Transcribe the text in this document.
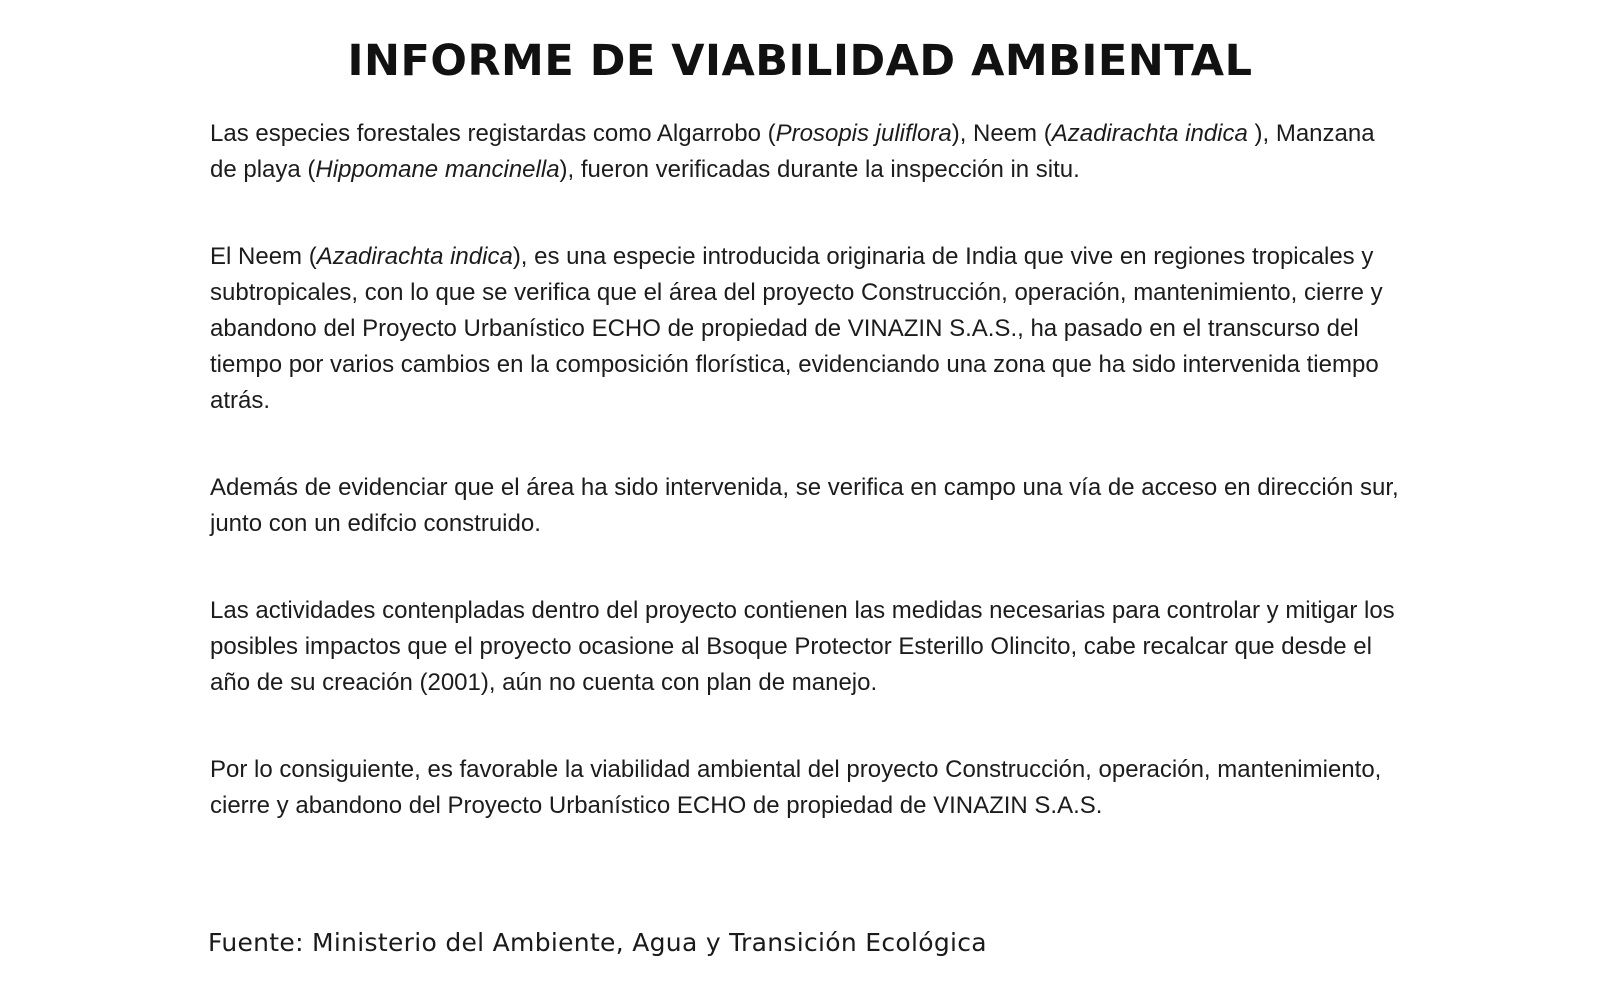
INFORME DE VIABILIDAD AMBIENTAL

Las especies forestales registardas como Algarrobo (Prosopis juliflora), Neem (Azadirachta indica ), Manzana de playa (Hippomane mancinella), fueron verificadas durante la inspección in situ.

El Neem (Azadirachta indica), es una especie introducida originaria de India que vive en regiones tropicales y subtropicales, con lo que se verifica que el área del proyecto Construcción, operación, mantenimiento, cierre y abandono del Proyecto Urbanístico ECHO de propiedad de VINAZIN S.A.S., ha pasado en el transcurso del tiempo por varios cambios en la composición florística, evidenciando una zona que ha sido intervenida tiempo atrás.

Además de evidenciar que el área ha sido intervenida, se verifica en campo una vía de acceso en dirección sur, junto con un edifcio construido.

Las actividades contenpladas dentro del proyecto contienen las medidas necesarias para controlar y mitigar los posibles impactos que el proyecto ocasione al Bsoque Protector Esterillo Olincito, cabe recalcar que desde el año de su creación (2001), aún no cuenta con plan de manejo.

Por lo consiguiente, es favorable la viabilidad ambiental del proyecto Construcción, operación, mantenimiento, cierre y abandono del Proyecto Urbanístico ECHO de propiedad de VINAZIN S.A.S.

Fuente: Ministerio del Ambiente, Agua y Transición Ecológica
